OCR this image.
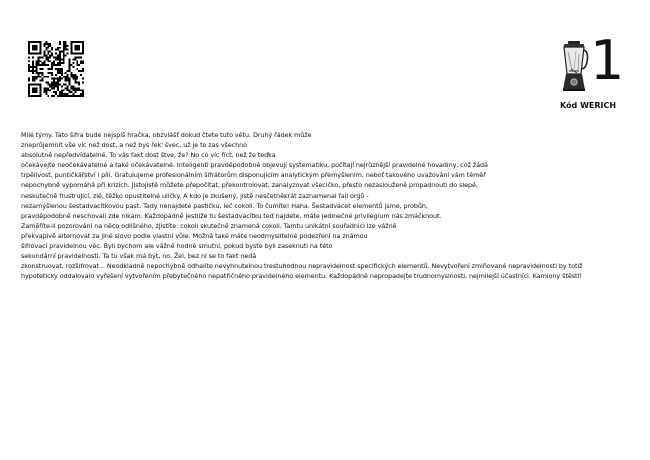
1
Kód WERICH
Milé týmy. Tato šifra bude nejspíš hračka, obzvlášť dokud čtete tuto větu. Druhý řádek může
zneprůjemnit vše víc než dost, a než bys řek' švec, už je to zas všechno
absolutně nepředvídatelné. To vás fakt dost štve, že? No co víc říct, než že teďka
očekávejte neočekávatelné a také očekávatelné. Inteligenti pravděpodobně objevují systematiku, počítají nejrůznější pravidelné hovadiny, což žádá
trpělivost, puntičkářství i píli. Gratulujeme profesionálním šifrátorům disponujícím analytickým přemýšlením, neboť takového uvažování vám téměř
nepochybně vypomáhá při krizích. Jistojistě můžete přepočítat, překontrolovat, zanalyzovat všecičko, přesto nezaslouženě propadnouti do slepé,
neskutečně frustrující, zlé, těžko opustitelné uličky. A kdo je zkušený, jistě nesčetněkrát zaznamenal fail orgů -
nezamýšlenou šestadvacítkovou past. Tady nenajdete pastičku, leč cokoli. To čumíte! Haha. Šestadvacet elementů jsme, probůh,
pravděpodobně neschovali zde nikam. Každopádně jestliže tu šestadvacítku teď najdete, máte jedinečné privilegium nás zmáčknout.
Zaměříte-li pozorování na něco odlišného, zjistíte: cokoli skutečně znamená cokoli. Tamtu unikátní souřadnici lze vážně
překvapivě alternovat za jiné slovo podle vlastní vůle. Možná také máte neodmyslitelné podezření na známou
šifrovací pravidelnou věc. Byli bychom ale vážně hodně smutní, pokud byste byli zaseknuti na této
sekundární pravidelnosti. Ta tu však má být, no. Žel, bez ní se to fakt nedá
zkonstruovat, rozšifrovat... Neodkladně nepochybně odhalíte nevyhnutelnou trestuhodnou nepravidelnost specifických elementů. Nevytvoření zmiňované nepravidelnosti by totiž
hypoteticky oddalovalo vyřešení vytvořením přebytečného nepatřičného pravidelného elementu. Každopádně nepropadejte trudnomyslnosti, nejmilejší účastníci. Kamiony štěstí!
